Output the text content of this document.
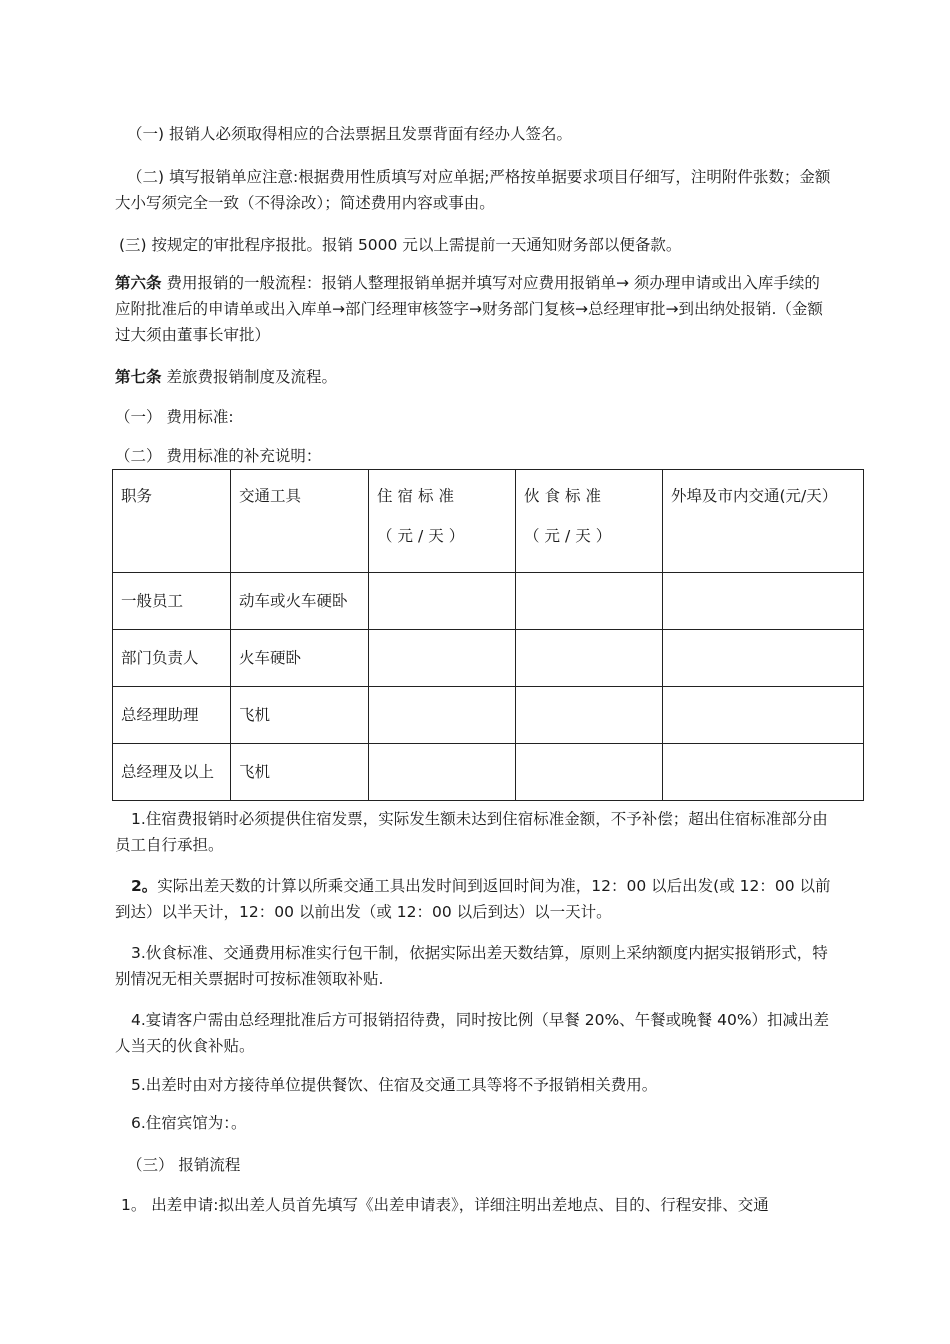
（一) 报销人必须取得相应的合法票据且发票背面有经办人签名。

（二) 填写报销单应注意:根据费用性质填写对应单据;严格按单据要求项目仔细写，注明附件张数；金额大小写须完全一致（不得涂改）；简述费用内容或事由。

(三) 按规定的审批程序报批。报销 5000 元以上需提前一天通知财务部以便备款。

第六条 费用报销的一般流程：报销人整理报销单据并填写对应费用报销单→ 须办理申请或出入库手续的应附批准后的申请单或出入库单→部门经理审核签字→财务部门复核→总经理审批→到出纳处报销.（金额过大须由董事长审批）

第七条 差旅费报销制度及流程。

（一） 费用标准:

（二） 费用标准的补充说明：

职务	交通工具	住宿标准（元/天）	伙食标准（元/天）	外埠及市内交通(元/天）
一般员工	动车或火车硬卧			
部门负责人	火车硬卧			
总经理助理	飞机			
总经理及以上	飞机			

1.住宿费报销时必须提供住宿发票，实际发生额未达到住宿标准金额，不予补偿；超出住宿标准部分由员工自行承担。

2。实际出差天数的计算以所乘交通工具出发时间到返回时间为准，12：00 以后出发(或 12：00 以前到达）以半天计，12：00 以前出发（或 12：00 以后到达）以一天计。

3.伙食标准、交通费用标准实行包干制，依据实际出差天数结算，原则上采纳额度内据实报销形式，特别情况无相关票据时可按标准领取补贴.

4.宴请客户需由总经理批准后方可报销招待费，同时按比例（早餐 20%、午餐或晚餐 40%）扣减出差人当天的伙食补贴。

5.出差时由对方接待单位提供餐饮、住宿及交通工具等将不予报销相关费用。

6.住宿宾馆为：。

（三） 报销流程

1。 出差申请:拟出差人员首先填写《出差申请表》，详细注明出差地点、目的、行程安排、交通
